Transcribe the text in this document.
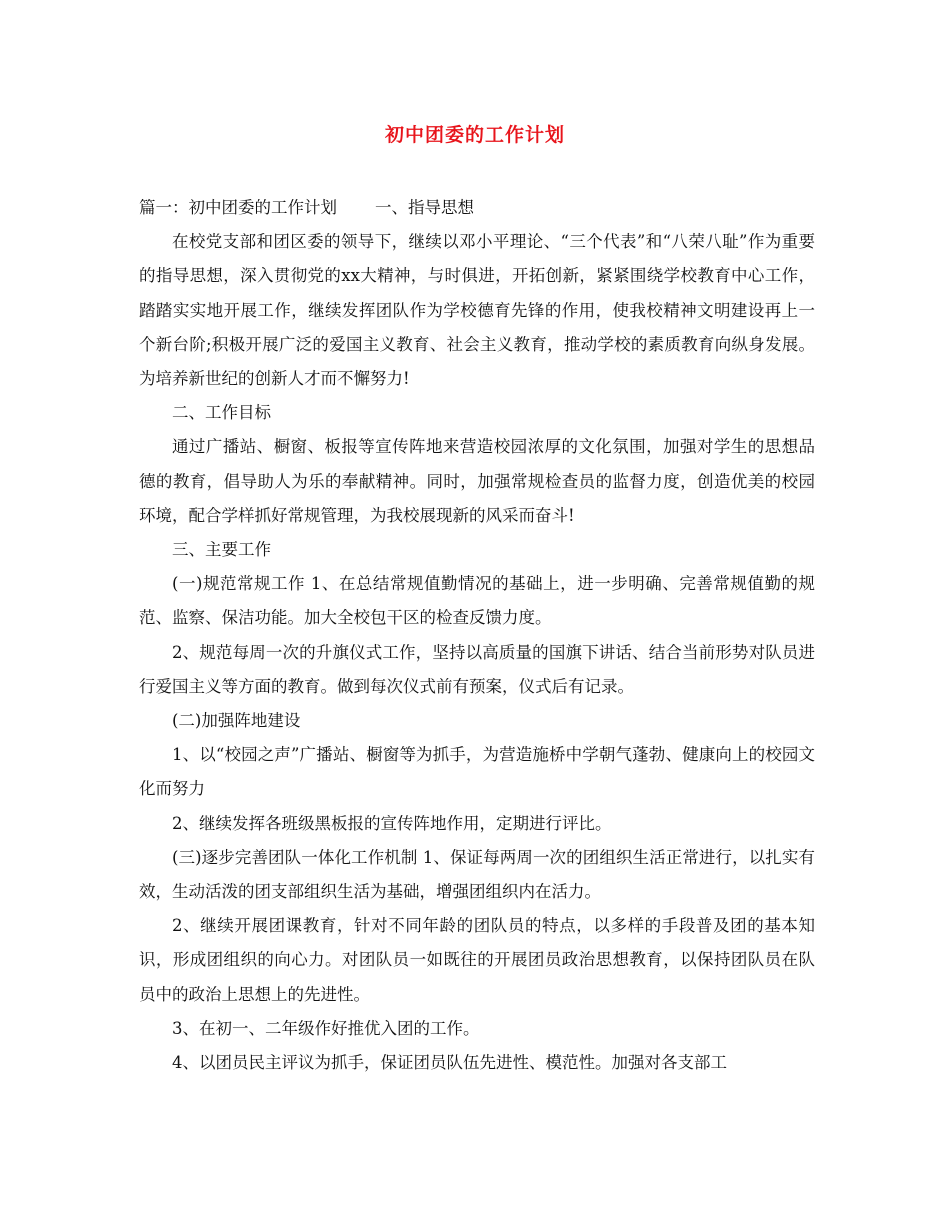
初中团委的工作计划

篇一：初中团委的工作计划 一、指导思想

在校党支部和团区委的领导下，继续以邓小平理论、“三个代表”和“八荣八耻”作为重要的指导思想，深入贯彻党的xx大精神，与时俱进，开拓创新，紧紧围绕学校教育中心工作，踏踏实实地开展工作，继续发挥团队作为学校德育先锋的作用，使我校精神文明建设再上一个新台阶;积极开展广泛的爱国主义教育、社会主义教育，推动学校的素质教育向纵身发展。为培养新世纪的创新人才而不懈努力!

二、工作目标

通过广播站、橱窗、板报等宣传阵地来营造校园浓厚的文化氛围，加强对学生的思想品德的教育，倡导助人为乐的奉献精神。同时，加强常规检查员的监督力度，创造优美的校园环境，配合学样抓好常规管理，为我校展现新的风采而奋斗!

三、主要工作

(一)规范常规工作 1、在总结常规值勤情况的基础上，进一步明确、完善常规值勤的规范、监察、保洁功能。加大全校包干区的检查反馈力度。

2、规范每周一次的升旗仪式工作，坚持以高质量的国旗下讲话、结合当前形势对队员进行爱国主义等方面的教育。做到每次仪式前有预案，仪式后有记录。

(二)加强阵地建设

1、以“校园之声”广播站、橱窗等为抓手，为营造施桥中学朝气蓬勃、健康向上的校园文化而努力

2、继续发挥各班级黑板报的宣传阵地作用，定期进行评比。

(三)逐步完善团队一体化工作机制 1、保证每两周一次的团组织生活正常进行，以扎实有效，生动活泼的团支部组织生活为基础，增强团组织内在活力。

2、继续开展团课教育，针对不同年龄的团队员的特点，以多样的手段普及团的基本知识，形成团组织的向心力。对团队员一如既往的开展团员政治思想教育，以保持团队员在队员中的政治上思想上的先进性。

3、在初一、二年级作好推优入团的工作。

4、以团员民主评议为抓手，保证团员队伍先进性、模范性。加强对各支部工
